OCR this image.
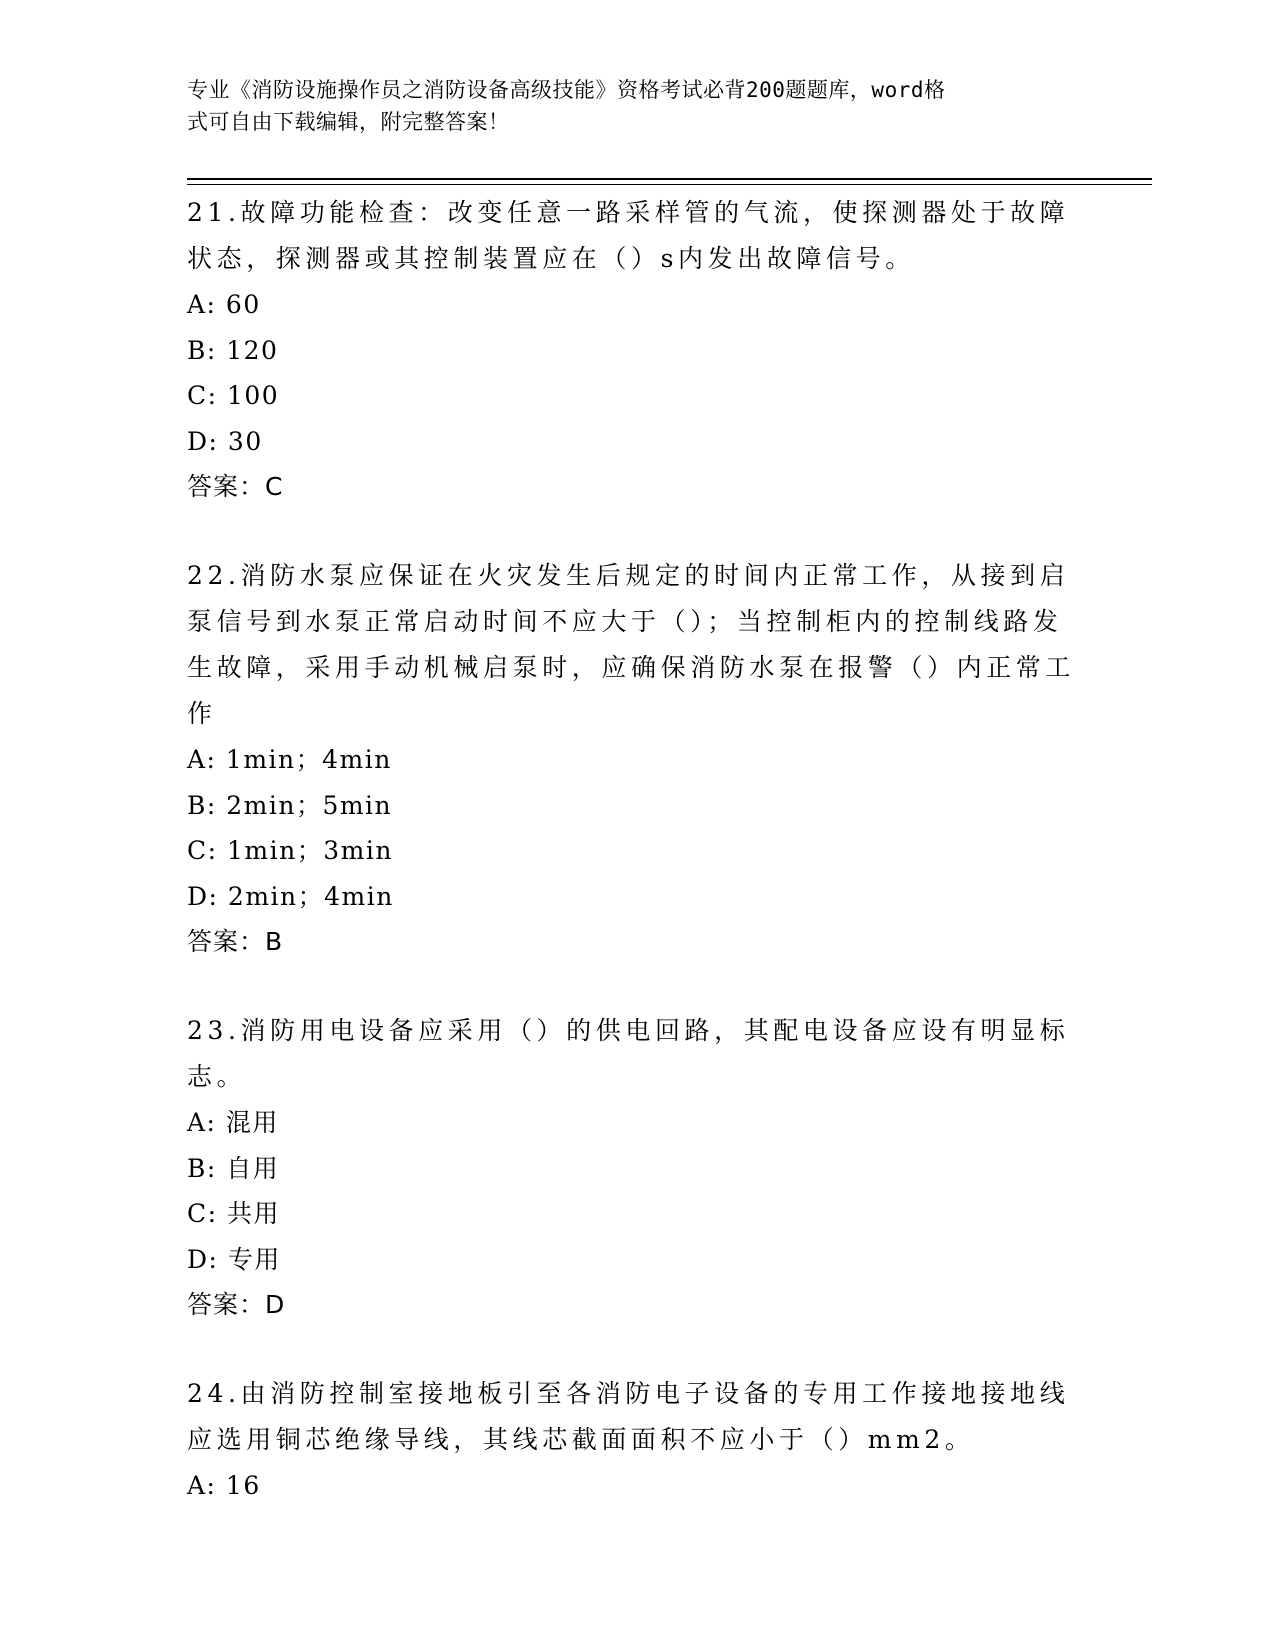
专业《消防设施操作员之消防设备高级技能》资格考试必背200题题库，word格
式可自由下载编辑，附完整答案！
21.故障功能检查：改变任意一路采样管的气流，使探测器处于故障状态，探测器或其控制装置应在（）s内发出故障信号。
A: 60
B: 120
C: 100
D: 30
答案：C
22.消防水泵应保证在火灾发生后规定的时间内正常工作，从接到启泵信号到水泵正常启动时间不应大于（）；当控制柜内的控制线路发生故障，采用手动机械启泵时，应确保消防水泵在报警（）内正常工作
A: 1min；4min
B: 2min；5min
C: 1min；3min
D: 2min；4min
答案：B
23.消防用电设备应采用（）的供电回路，其配电设备应设有明显标志。
A: 混用
B: 自用
C: 共用
D: 专用
答案：D
24.由消防控制室接地板引至各消防电子设备的专用工作接地接地线应选用铜芯绝缘导线，其线芯截面面积不应小于（）mm2。
A: 16
